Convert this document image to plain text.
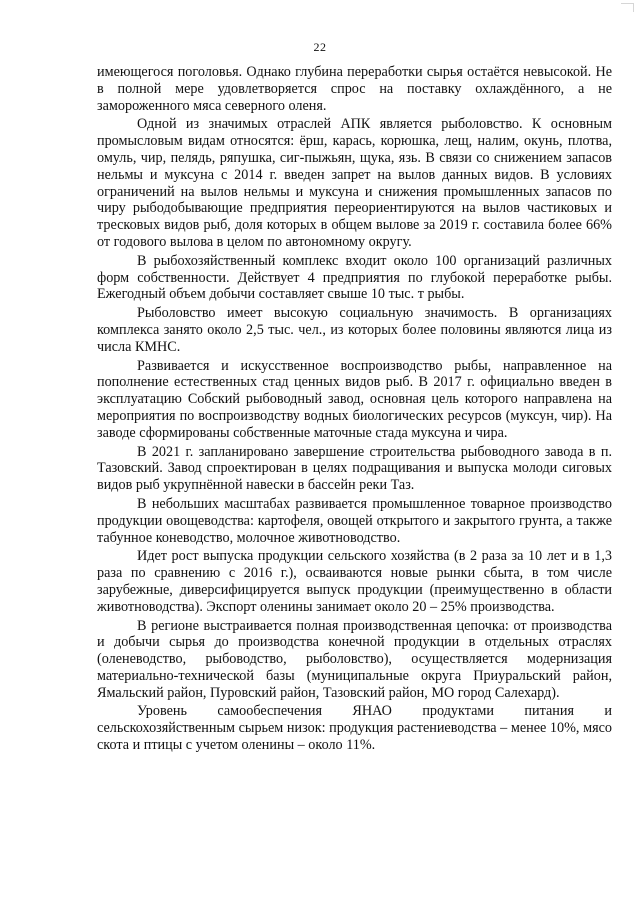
22

имеющегося поголовья. Однако глубина переработки сырья остаётся невысокой. Не в полной мере удовлетворяется спрос на поставку охлаждённого, а не замороженного мяса северного оленя.

Одной из значимых отраслей АПК является рыболовство. К основным промысловым видам относятся: ёрш, карась, корюшка, лещ, налим, окунь, плотва, омуль, чир, пелядь, ряпушка, сиг-пыжьян, щука, язь. В связи со снижением запасов нельмы и муксуна с 2014 г. введен запрет на вылов данных видов. В условиях ограничений на вылов нельмы и муксуна и снижения промышленных запасов по чиру рыбодобывающие предприятия переориентируются на вылов частиковых и тресковых видов рыб, доля которых в общем вылове за 2019 г. составила более 66% от годового вылова в целом по автономному округу.

В рыбохозяйственный комплекс входит около 100 организаций различных форм собственности. Действует 4 предприятия по глубокой переработке рыбы. Ежегодный объем добычи составляет свыше 10 тыс. т рыбы.

Рыболовство имеет высокую социальную значимость. В организациях комплекса занято около 2,5 тыс. чел., из которых более половины являются лица из числа КМНС.

Развивается и искусственное воспроизводство рыбы, направленное на пополнение естественных стад ценных видов рыб. В 2017 г. официально введен в эксплуатацию Собский рыбоводный завод, основная цель которого направлена на мероприятия по воспроизводству водных биологических ресурсов (муксун, чир). На заводе сформированы собственные маточные стада муксуна и чира.

В 2021 г. запланировано завершение строительства рыбоводного завода в п. Тазовский. Завод спроектирован в целях подращивания и выпуска молоди сиговых видов рыб укрупнённой навески в бассейн реки Таз.

В небольших масштабах развивается промышленное товарное производство продукции овощеводства: картофеля, овощей открытого и закрытого грунта, а также табунное коневодство, молочное животноводство.

Идет рост выпуска продукции сельского хозяйства (в 2 раза за 10 лет и в 1,3 раза по сравнению с 2016 г.), осваиваются новые рынки сбыта, в том числе зарубежные, диверсифицируется выпуск продукции (преимущественно в области животноводства). Экспорт оленины занимает около 20 – 25% производства.

В регионе выстраивается полная производственная цепочка: от производства и добычи сырья до производства конечной продукции в отдельных отраслях (оленеводство, рыбоводство, рыболовство), осуществляется модернизация материально-технической базы (муниципальные округа Приуральский район, Ямальский район, Пуровский район, Тазовский район, МО город Салехард).

Уровень самообеспечения ЯНАО продуктами питания и сельскохозяйственным сырьем низок: продукция растениеводства – менее 10%, мясо скота и птицы с учетом оленины – около 11%.
